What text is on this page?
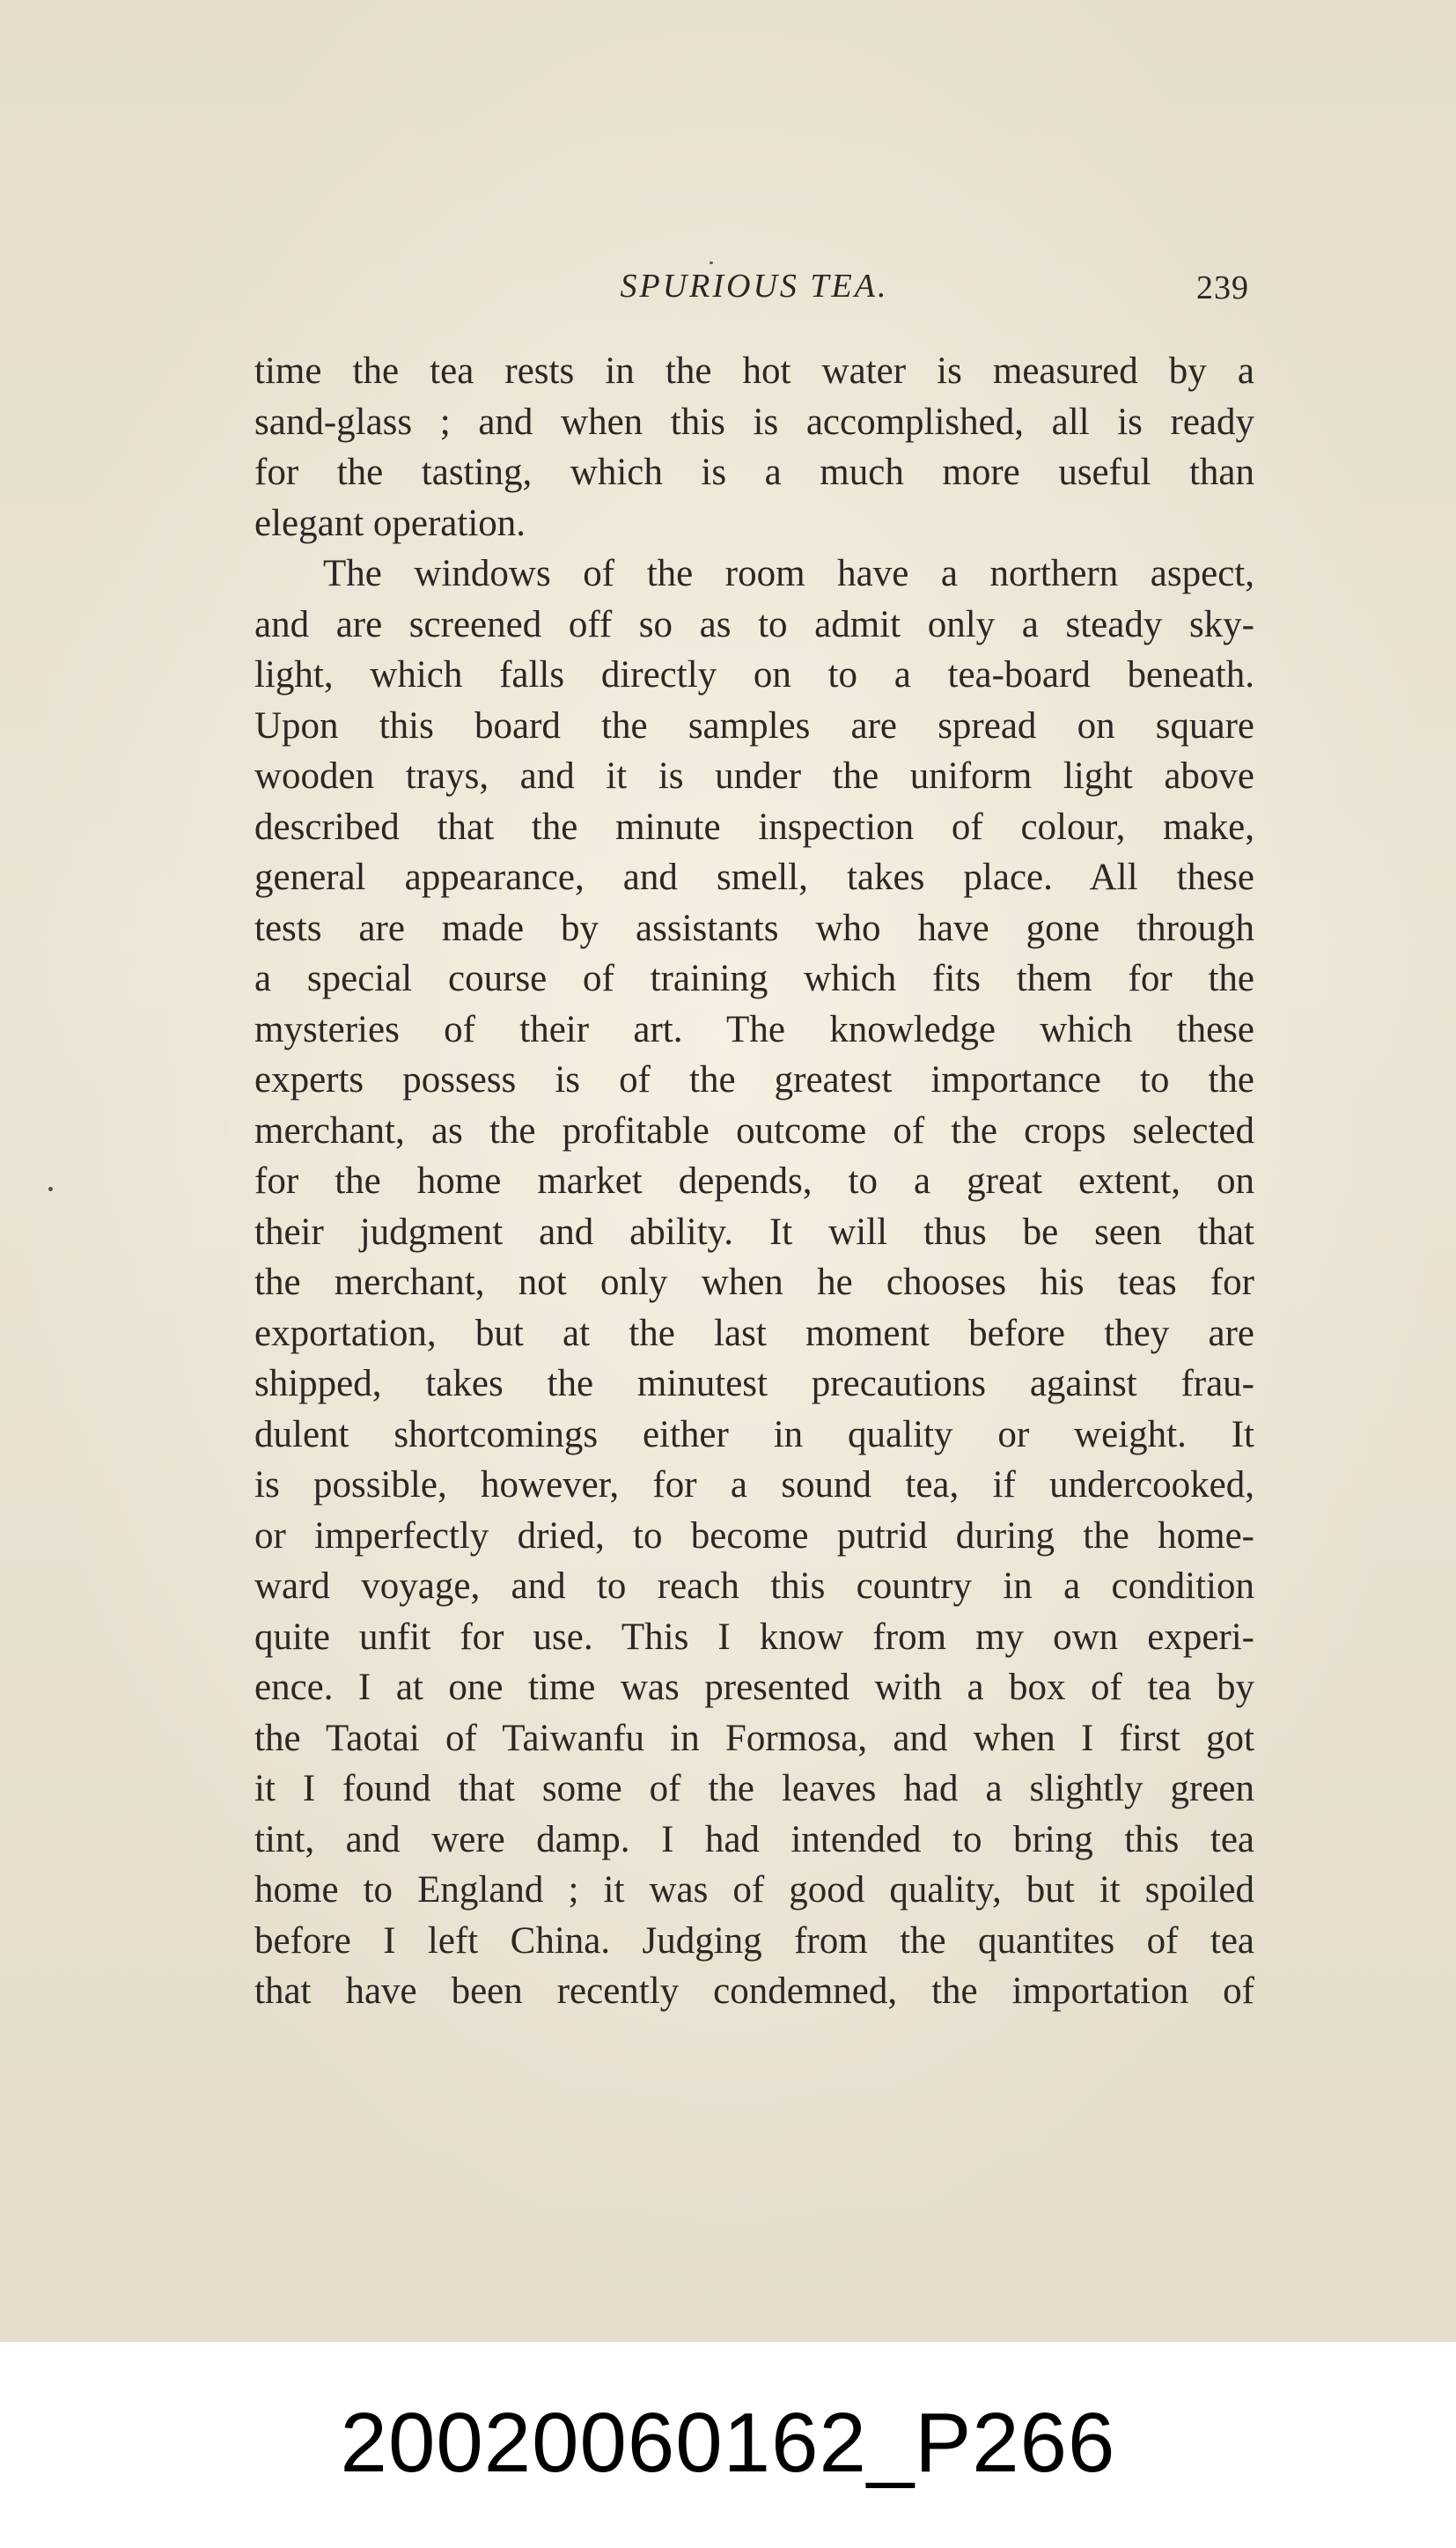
SPURIOUS TEA.	239
time the tea rests in the hot water is measured by a
sand-glass ; and when this is accomplished, all is ready
for the tasting, which is a much more useful than
elegant operation.
The windows of the room have a northern aspect,
and are screened off so as to admit only a steady sky-
light, which falls directly on to a tea-board beneath.
Upon this board the samples are spread on square
wooden trays, and it is under the uniform light above
described that the minute inspection of colour, make,
general appearance, and smell, takes place. All these
tests are made by assistants who have gone through
a special course of training which fits them for the
mysteries of their art. The knowledge which these
experts possess is of the greatest importance to the
merchant, as the profitable outcome of the crops selected
for the home market depends, to a great extent, on
their judgment and ability. It will thus be seen that
the merchant, not only when he chooses his teas for
exportation, but at the last moment before they are
shipped, takes the minutest precautions against frau-
dulent shortcomings either in quality or weight. It
is possible, however, for a sound tea, if undercooked,
or imperfectly dried, to become putrid during the home-
ward voyage, and to reach this country in a condition
quite unfit for use. This I know from my own experi-
ence. I at one time was presented with a box of tea by
the Taotai of Taiwanfu in Formosa, and when I first got
it I found that some of the leaves had a slightly green
tint, and were damp. I had intended to bring this tea
home to England ; it was of good quality, but it spoiled
before I left China. Judging from the quantites of tea
that have been recently condemned, the importation of
20020060162_P266
